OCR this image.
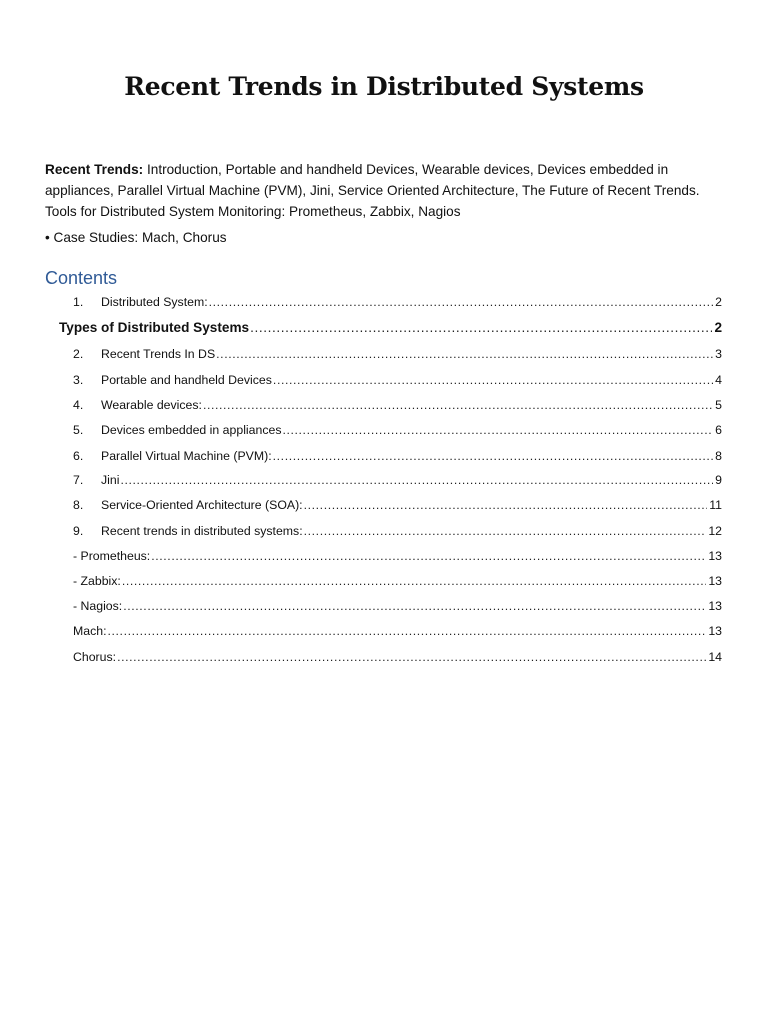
Recent Trends in Distributed Systems
Recent Trends: Introduction, Portable and handheld Devices, Wearable devices, Devices embedded in appliances, Parallel Virtual Machine (PVM), Jini, Service Oriented Architecture, The Future of Recent Trends. Tools for Distributed System Monitoring: Prometheus, Zabbix, Nagios
• Case Studies: Mach, Chorus
Contents
1.	Distributed System: .....	2
Types of Distributed Systems .....	2
2.	Recent Trends In DS .....	3
3.	Portable and handheld Devices .....	4
4.	Wearable devices: .....	5
5.	Devices embedded in appliances .....	6
6.	Parallel Virtual Machine (PVM): .....	8
7.	Jini .....	9
8.	Service-Oriented Architecture (SOA): .....	11
9.	Recent trends in distributed systems: .....	12
- Prometheus: .....	13
- Zabbix: .....	13
- Nagios: .....	13
Mach: .....	13
Chorus: .....	14
